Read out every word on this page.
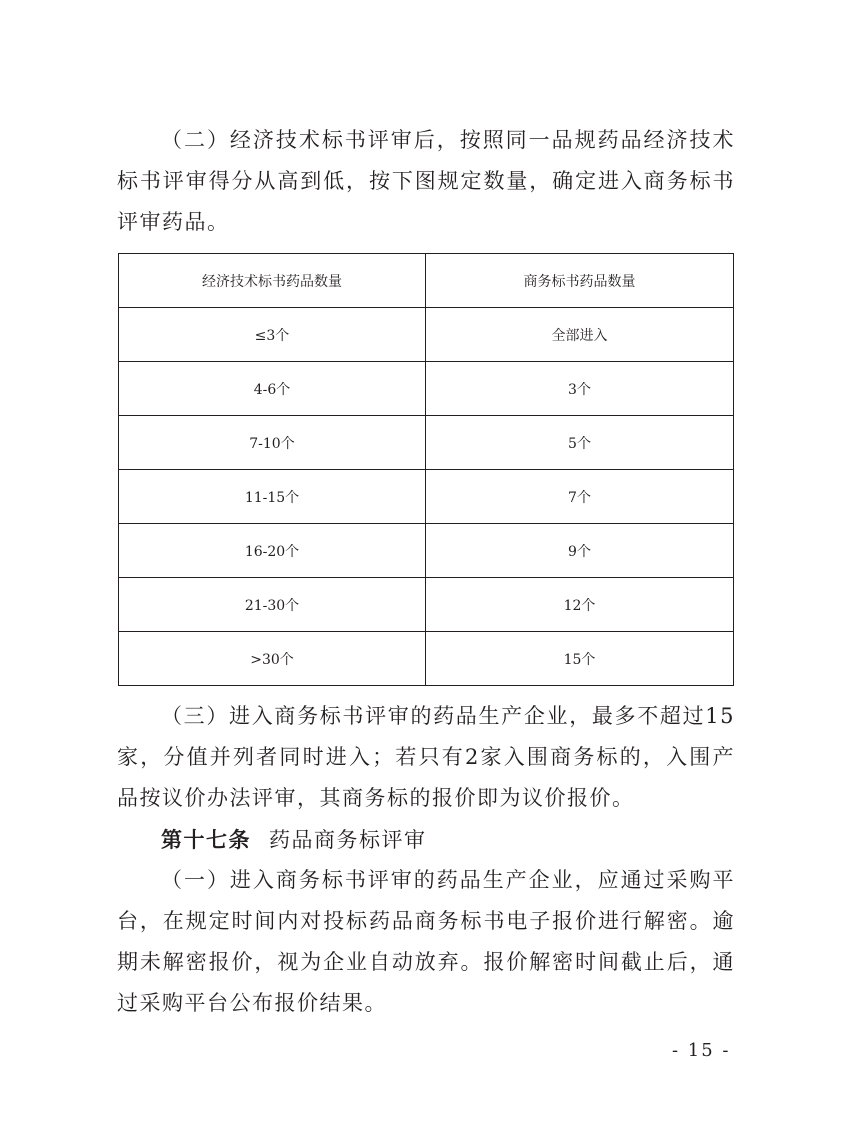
（二）经济技术标书评审后，按照同一品规药品经济技术标书评审得分从高到低，按下图规定数量，确定进入商务标书评审药品。

经济技术标书药品数量	商务标书药品数量
≤3个	全部进入
4-6个	3个
7-10个	5个
11-15个	7个
16-20个	9个
21-30个	12个
>30个	15个

（三）进入商务标书评审的药品生产企业，最多不超过15家，分值并列者同时进入；若只有2家入围商务标的，入围产品按议价办法评审，其商务标的报价即为议价报价。

第十七条 药品商务标评审

（一）进入商务标书评审的药品生产企业，应通过采购平台，在规定时间内对投标药品商务标书电子报价进行解密。逾期未解密报价，视为企业自动放弃。报价解密时间截止后，通过采购平台公布报价结果。

- 15 -
